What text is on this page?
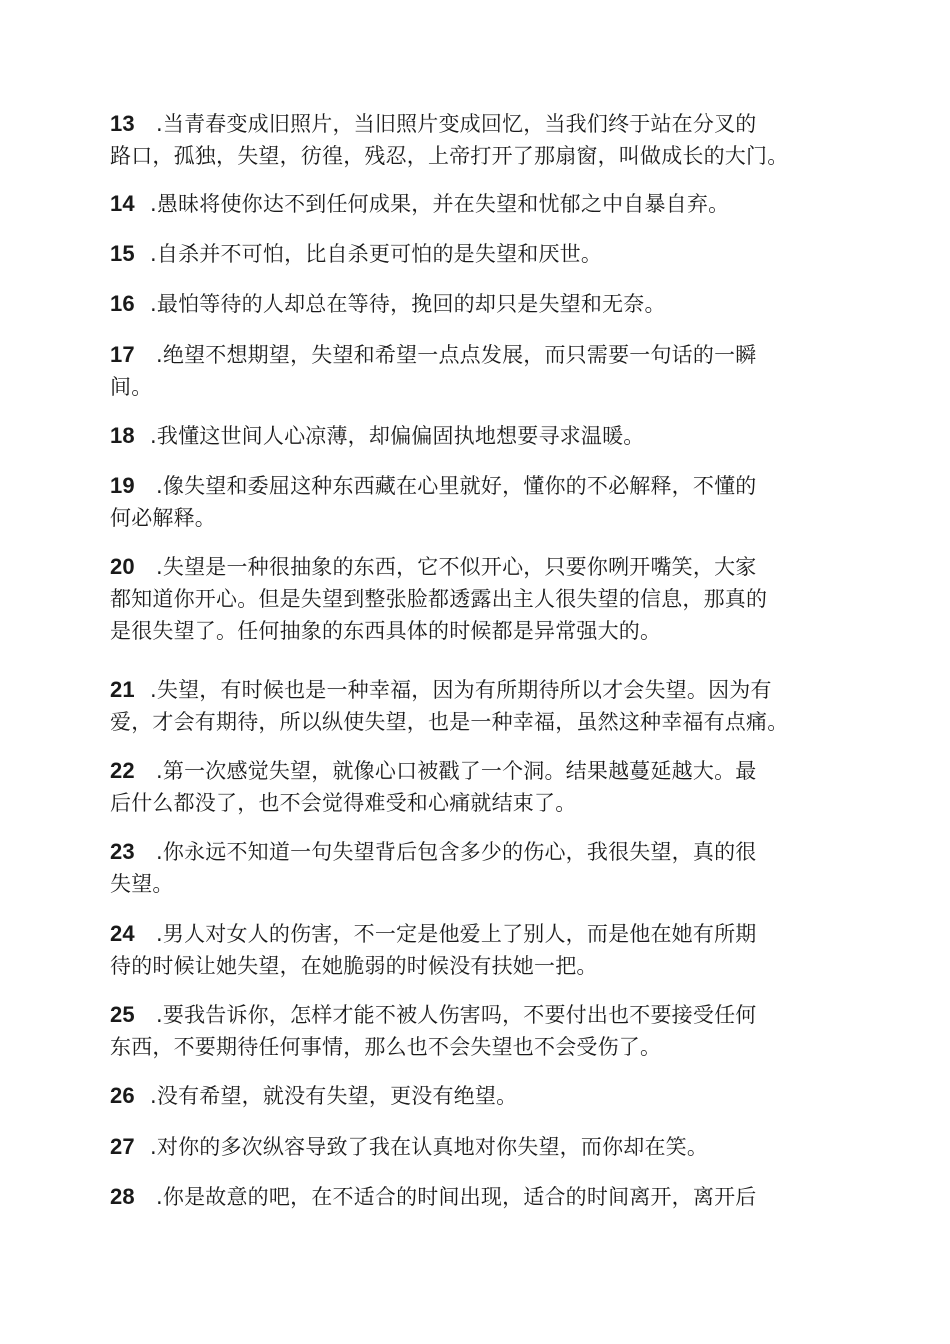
13 .当青春变成旧照片，当旧照片变成回忆，当我们终于站在分叉的
路口，孤独，失望，彷徨，残忍，上帝打开了那扇窗，叫做成长的大门。
14 .愚昧将使你达不到任何成果，并在失望和忧郁之中自暴自弃。
15 .自杀并不可怕，比自杀更可怕的是失望和厌世。
16 .最怕等待的人却总在等待，挽回的却只是失望和无奈。
17 .绝望不想期望，失望和希望一点点发展，而只需要一句话的一瞬
间。
18 .我懂这世间人心凉薄，却偏偏固执地想要寻求温暖。
19 .像失望和委屈这种东西藏在心里就好，懂你的不必解释，不懂的
何必解释。
20 .失望是一种很抽象的东西，它不似开心，只要你咧开嘴笑，大家
都知道你开心。但是失望到整张脸都透露出主人很失望的信息，那真的
是很失望了。任何抽象的东西具体的时候都是异常强大的。
21 .失望，有时候也是一种幸福，因为有所期待所以才会失望。因为有
爱，才会有期待，所以纵使失望，也是一种幸福，虽然这种幸福有点痛。
22 .第一次感觉失望，就像心口被戳了一个洞。结果越蔓延越大。最
后什么都没了，也不会觉得难受和心痛就结束了。
23 .你永远不知道一句失望背后包含多少的伤心，我很失望，真的很
失望。
24 .男人对女人的伤害，不一定是他爱上了别人，而是他在她有所期
待的时候让她失望，在她脆弱的时候没有扶她一把。
25 .要我告诉你，怎样才能不被人伤害吗，不要付出也不要接受任何
东西，不要期待任何事情，那么也不会失望也不会受伤了。
26 .没有希望，就没有失望，更没有绝望。
27 .对你的多次纵容导致了我在认真地对你失望，而你却在笑。
28 .你是故意的吧，在不适合的时间出现，适合的时间离开，离开后
